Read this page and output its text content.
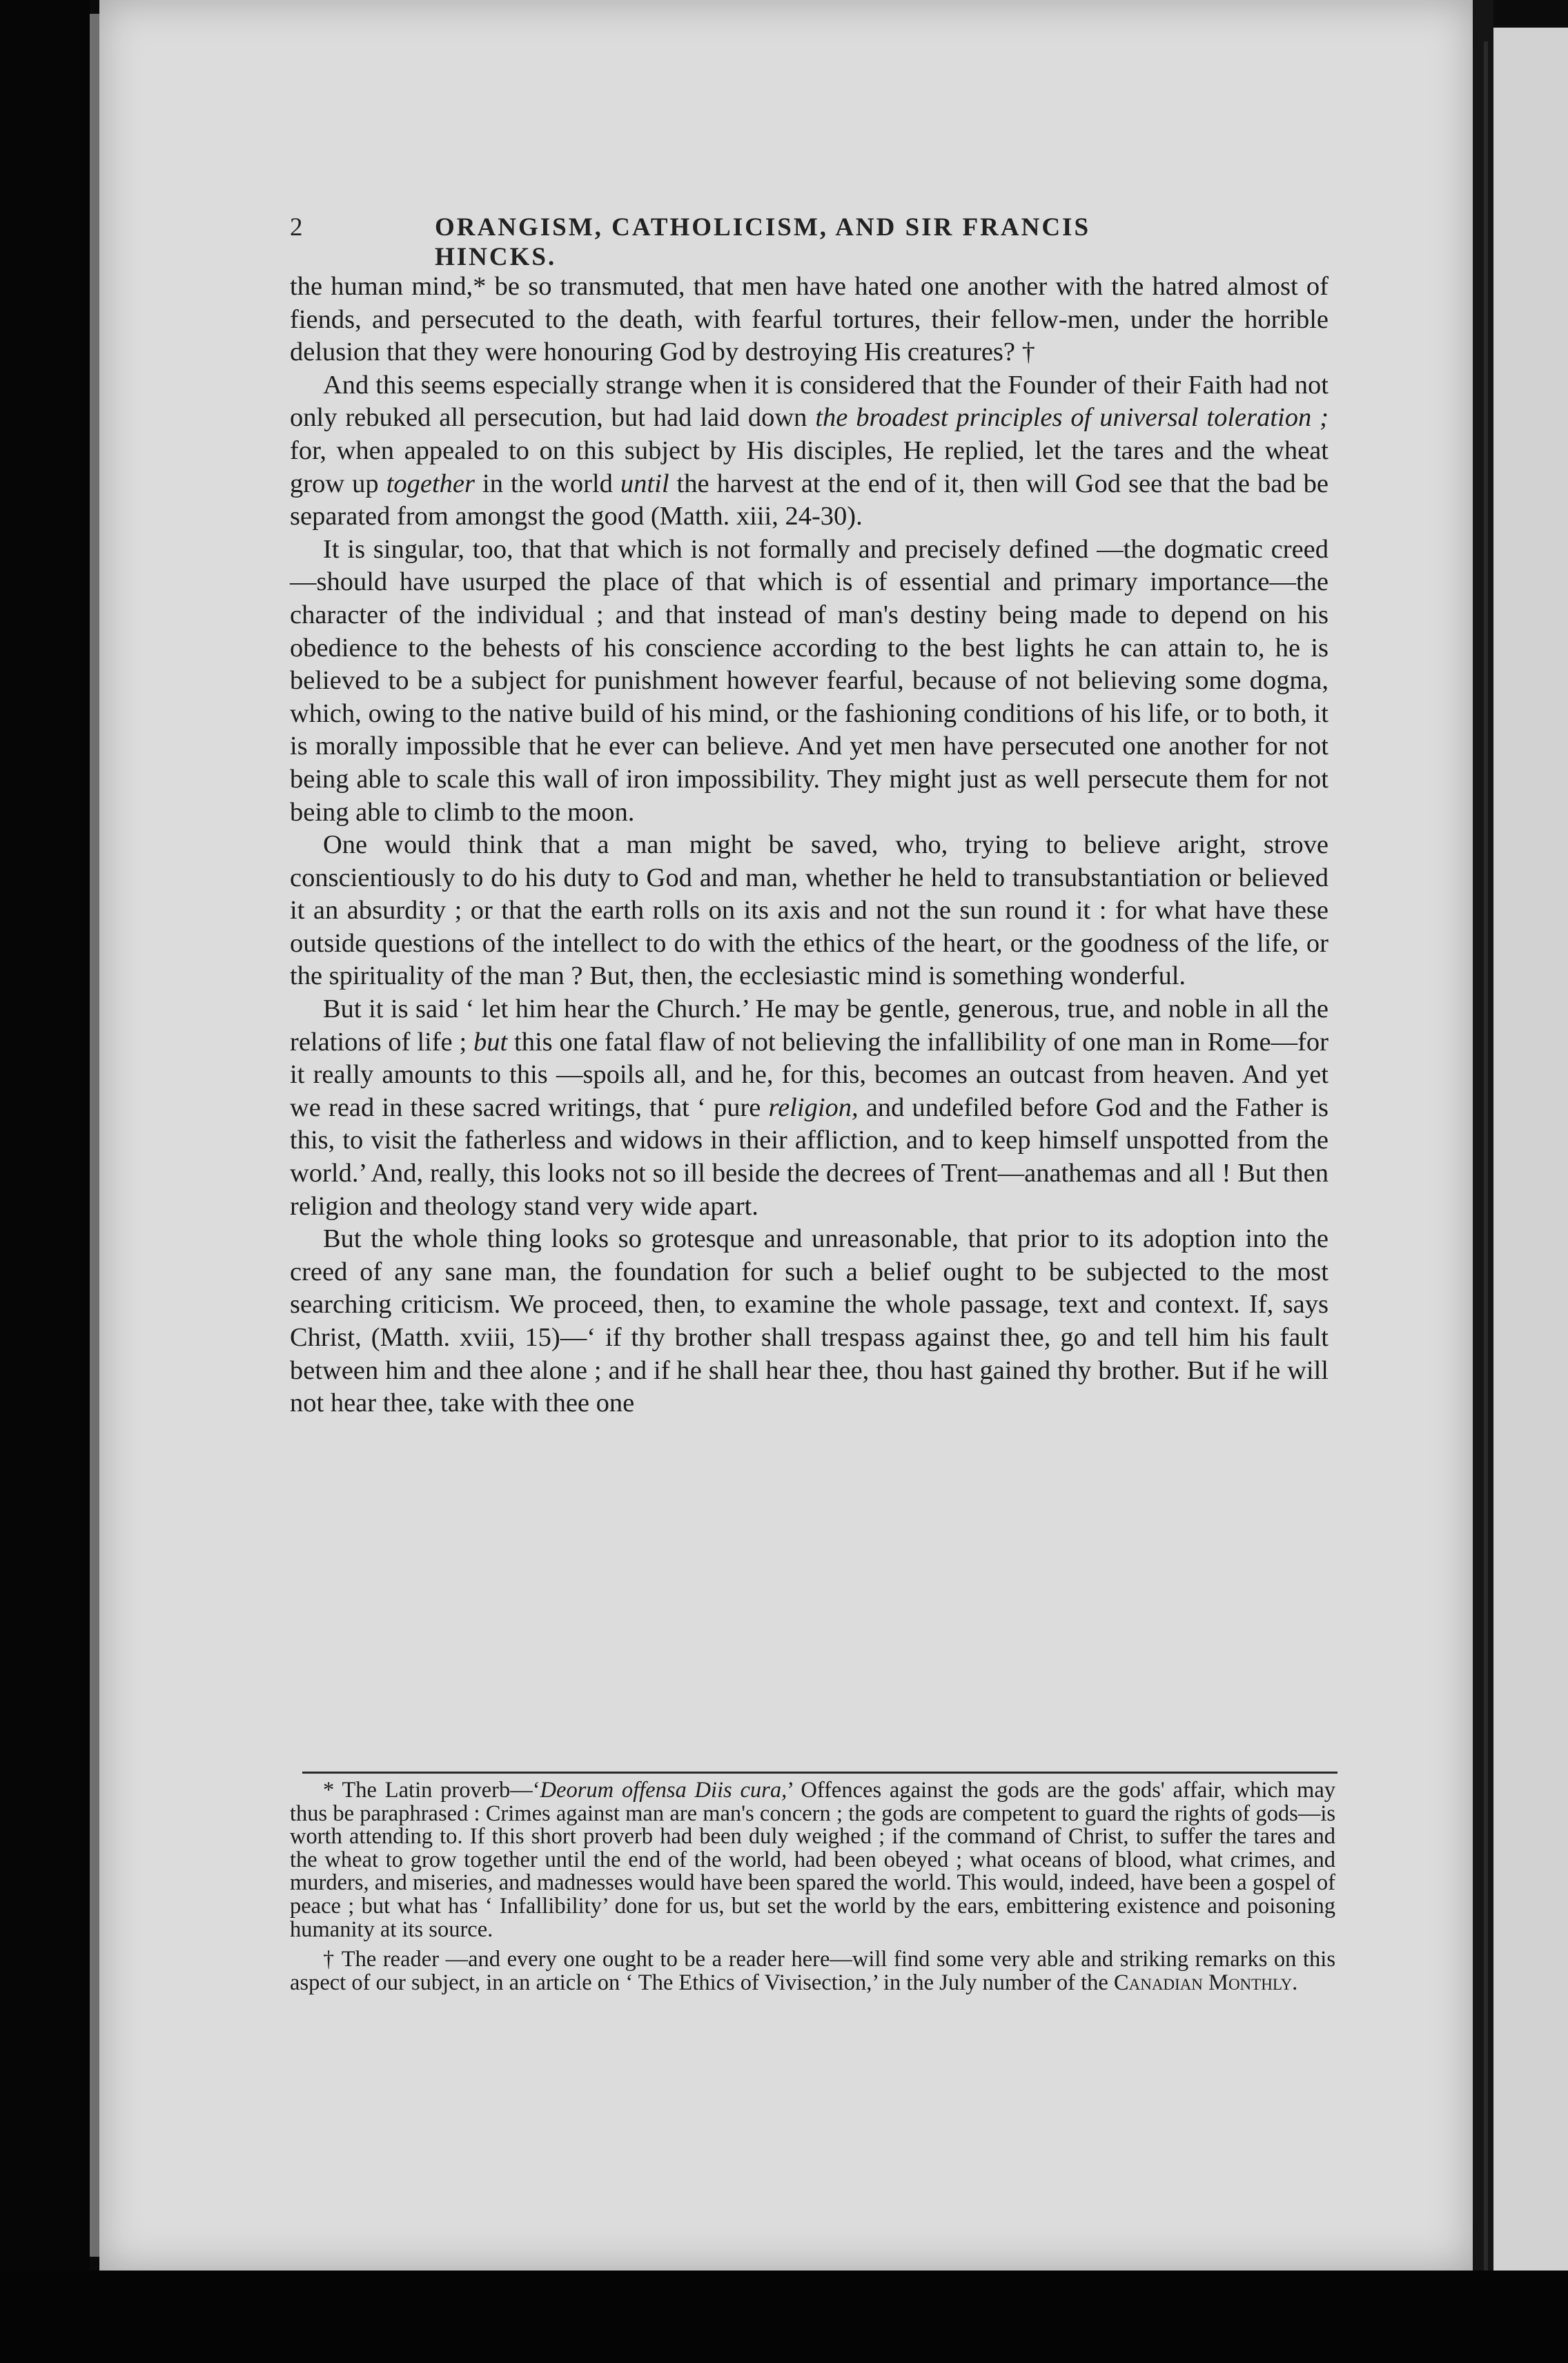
2	ORANGISM, CATHOLICISM, AND SIR FRANCIS HINCKS.

the human mind,* be so transmuted, that men have hated one another with the hatred almost of fiends, and persecuted to the death, with fearful tortures, their fellow-men, under the horrible delusion that they were honouring God by destroying His creatures? †

And this seems especially strange when it is considered that the Founder of their Faith had not only rebuked all persecution, but had laid down the broadest principles of universal toleration ; for, when appealed to on this subject by His disciples, He replied, let the tares and the wheat grow up together in the world until the harvest at the end of it, then will God see that the bad be separated from amongst the good (Matth. xiii, 24-30).

It is singular, too, that that which is not formally and precisely defined —the dogmatic creed—should have usurped the place of that which is of essential and primary importance—the character of the individual ; and that instead of man's destiny being made to depend on his obedience to the behests of his conscience according to the best lights he can attain to, he is believed to be a subject for punishment however fearful, because of not believing some dogma, which, owing to the native build of his mind, or the fashioning conditions of his life, or to both, it is morally impossible that he ever can believe. And yet men have persecuted one another for not being able to scale this wall of iron impossibility. They might just as well persecute them for not being able to climb to the moon.

One would think that a man might be saved, who, trying to believe aright, strove conscientiously to do his duty to God and man, whether he held to transubstantiation or believed it an absurdity ; or that the earth rolls on its axis and not the sun round it : for what have these outside questions of the intellect to do with the ethics of the heart, or the goodness of the life, or the spirituality of the man ? But, then, the ecclesiastic mind is something wonderful.

But it is said ‘ let him hear the Church.’ He may be gentle, generous, true, and noble in all the relations of life ; but this one fatal flaw of not believing the infallibility of one man in Rome—for it really amounts to this —spoils all, and he, for this, becomes an outcast from heaven. And yet we read in these sacred writings, that ‘ pure religion, and undefiled before God and the Father is this, to visit the fatherless and widows in their affliction, and to keep himself unspotted from the world.’ And, really, this looks not so ill beside the decrees of Trent—anathemas and all ! But then religion and theology stand very wide apart.

But the whole thing looks so grotesque and unreasonable, that prior to its adoption into the creed of any sane man, the foundation for such a belief ought to be subjected to the most searching criticism. We proceed, then, to examine the whole passage, text and context. If, says Christ, (Matth. xviii, 15)—‘ if thy brother shall trespass against thee, go and tell him his fault between him and thee alone ; and if he shall hear thee, thou hast gained thy brother. But if he will not hear thee, take with thee one

* The Latin proverb—‘Deorum offensa Diis cura,’ Offences against the gods are the gods' affair, which may thus be paraphrased : Crimes against man are man's concern ; the gods are competent to guard the rights of gods—is worth attending to. If this short proverb had been duly weighed ; if the command of Christ, to suffer the tares and the wheat to grow together until the end of the world, had been obeyed ; what oceans of blood, what crimes, and murders, and miseries, and madnesses would have been spared the world. This would, indeed, have been a gospel of peace ; but what has ‘ Infallibility’ done for us, but set the world by the ears, embittering existence and poisoning humanity at its source.

† The reader —and every one ought to be a reader here—will find some very able and striking remarks on this aspect of our subject, in an article on ‘ The Ethics of Vivisection,’ in the July number of the Canadian Monthly.
